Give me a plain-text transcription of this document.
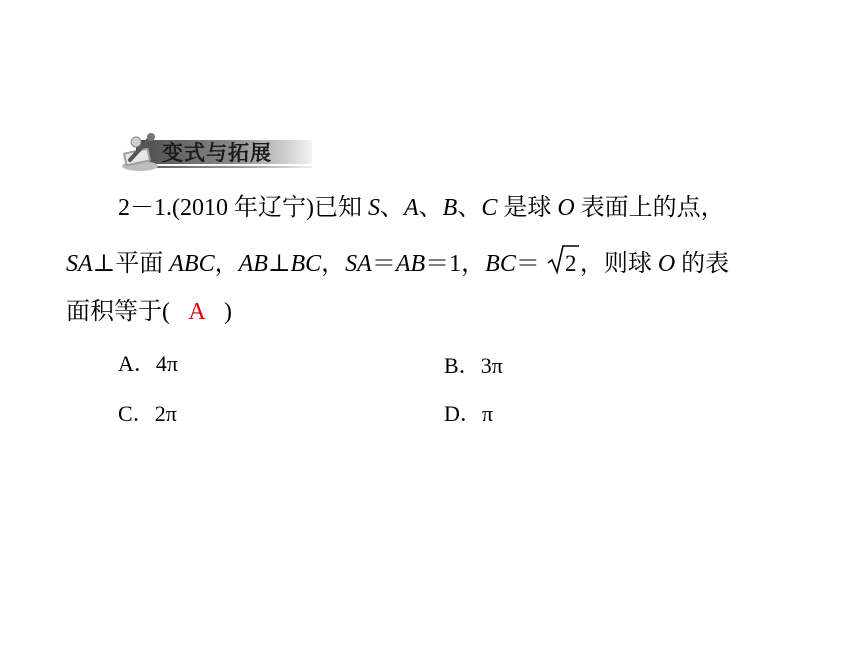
变式与拓展
2－1.(2010 年辽宁)已知 S、A、B、C 是球 O 表面上的点，
SA⊥平面 ABC，AB⊥BC，SA＝AB＝1，BC＝ 2 ，则球 O 的表
面积等于( A )
A．4π	B．3π
C．2π	D．π
